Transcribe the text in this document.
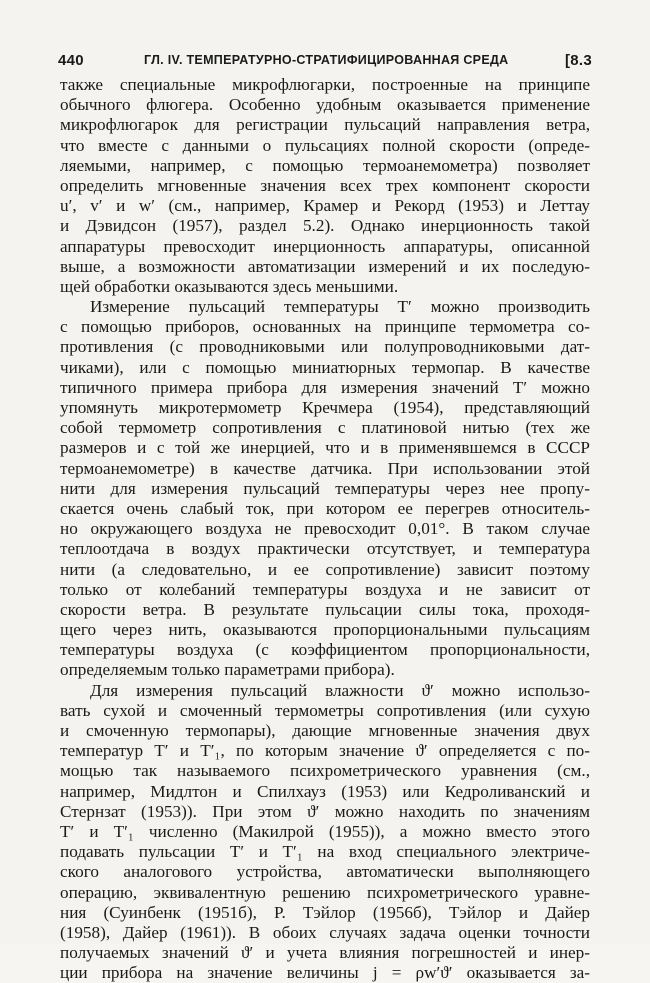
440	ГЛ. IV. ТЕМПЕРАТУРНО-СТРАТИФИЦИРОВАННАЯ СРЕДА	[8.3
также специальные микрофлюгарки, построенные на принципе
обычного флюгера. Особенно удобным оказывается применение
микрофлюгарок для регистрации пульсаций направления ветра,
что вместе с данными о пульсациях полной скорости (опреде-
ляемыми, например, с помощью термоанемометра) позволяет
определить мгновенные значения всех трех компонент скорости
u′, v′ и w′ (см., например, Крамер и Рекорд (1953) и Леттау
и Дэвидсон (1957), раздел 5.2). Однако инерционность такой
аппаратуры превосходит инерционность аппаратуры, описанной
выше, а возможности автоматизации измерений и их последую-
щей обработки оказываются здесь меньшими.
Измерение пульсаций температуры T′ можно производить
с помощью приборов, основанных на принципе термометра со-
противления (с проводниковыми или полупроводниковыми дат-
чиками), или с помощью миниатюрных термопар. В качестве
типичного примера прибора для измерения значений T′ можно
упомянуть микротермометр Кречмера (1954), представляющий
собой термометр сопротивления с платиновой нитью (тех же
размеров и с той же инерцией, что и в применявшемся в СССР
термоанемометре) в качестве датчика. При использовании этой
нити для измерения пульсаций температуры через нее пропу-
скается очень слабый ток, при котором ее перегрев относитель-
но окружающего воздуха не превосходит 0,01°. В таком случае
теплоотдача в воздух практически отсутствует, и температура
нити (а следовательно, и ее сопротивление) зависит поэтому
только от колебаний температуры воздуха и не зависит от
скорости ветра. В результате пульсации силы тока, проходя-
щего через нить, оказываются пропорциональными пульсациям
температуры воздуха (с коэффициентом пропорциональности,
определяемым только параметрами прибора).
Для измерения пульсаций влажности ϑ′ можно использо-
вать сухой и смоченный термометры сопротивления (или сухую
и смоченную термопары), дающие мгновенные значения двух
температур T′ и T′₁, по которым значение ϑ′ определяется с по-
мощью так называемого психрометрического уравнения (см.,
например, Мидлтон и Спилхауз (1953) или Кедроливанский и
Стернзат (1953)). При этом ϑ′ можно находить по значениям
T′ и T′₁ численно (Макилрой (1955)), а можно вместо этого
подавать пульсации T′ и T′₁ на вход специального электриче-
ского аналогового устройства, автоматически выполняющего
операцию, эквивалентную решению психрометрического уравне-
ния (Суинбенк (1951б), Р. Тэйлор (1956б), Тэйлор и Дайер
(1958), Дайер (1961)). В обоих случаях задача оценки точности
получаемых значений ϑ′ и учета влияния погрешностей и инер-
ции прибора на значение величины j = ρw′ϑ′ оказывается за-
